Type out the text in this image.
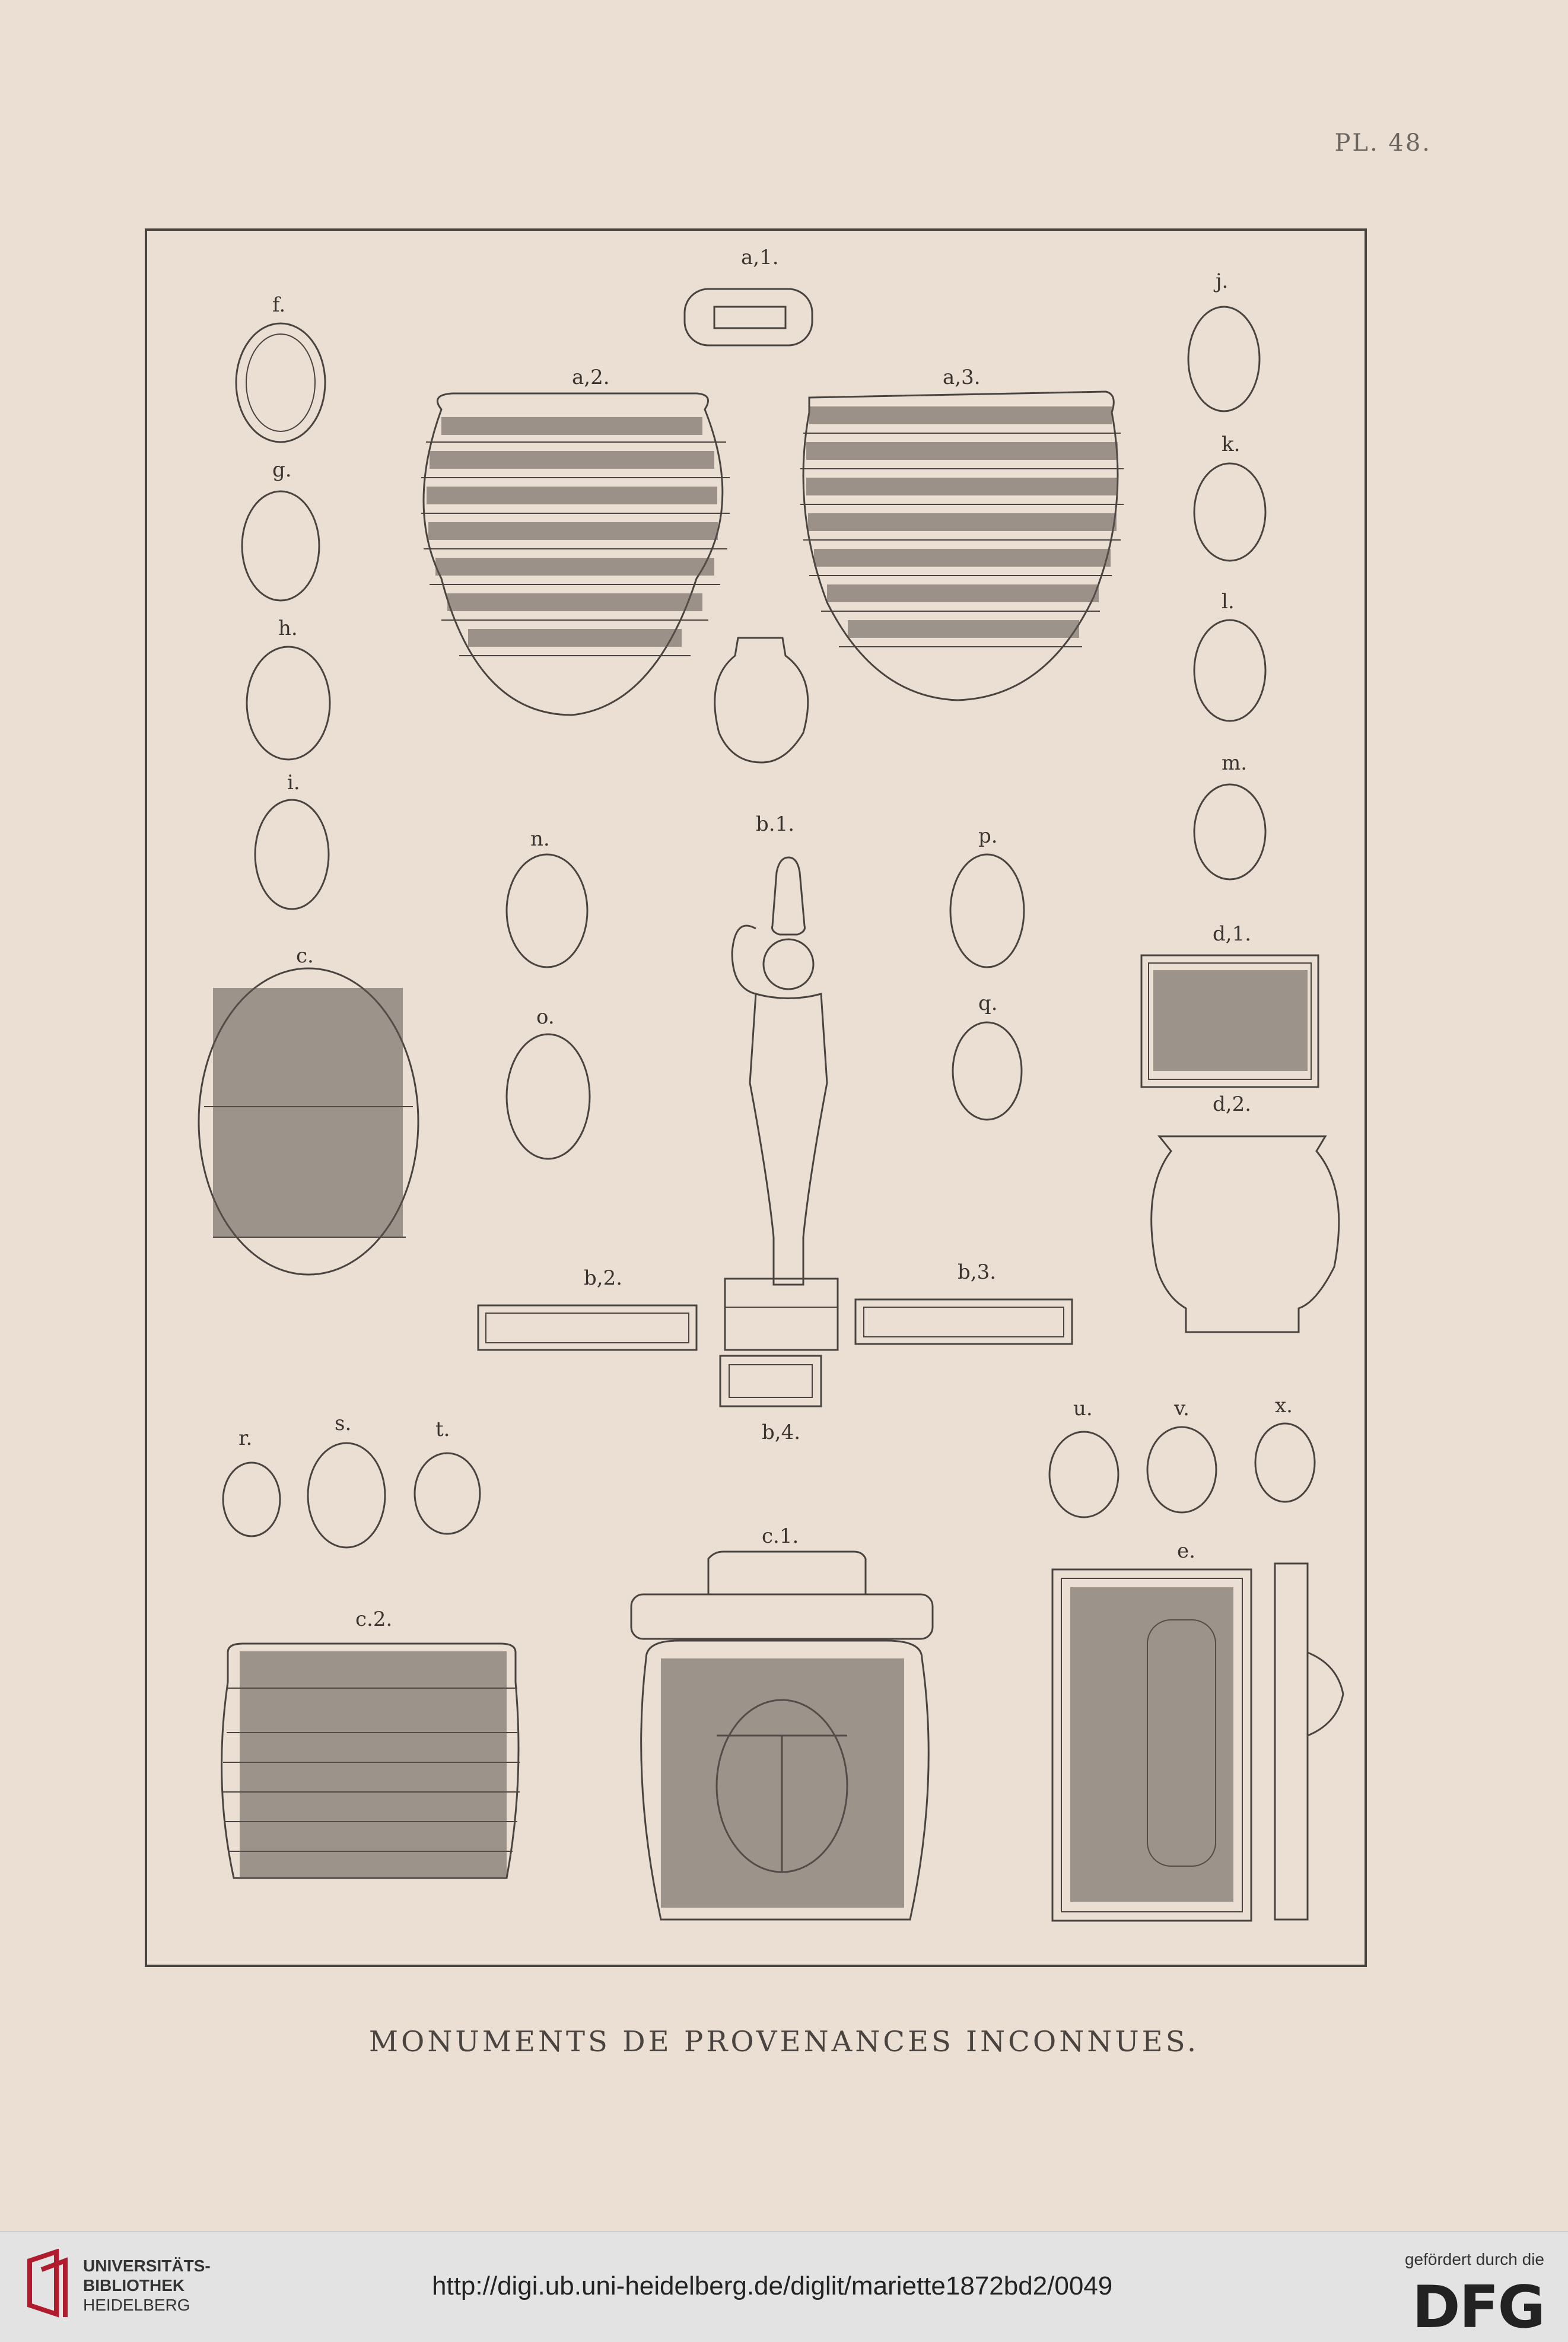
PL. 48.
a,1.
a,2.	a,3.
f.
g.
h.
i.
c.
j.
k.
l.
m.
b.1.
n.
o.
p.
q.
d,1.
d,2.
b,2.	b,3.
b,4.
r.
s.	t.
u.	v.	x.
c.1.
c.2.
e.
MONUMENTS DE PROVENANCES INCONNUES.
UNIVERSITÄTS-
BIBLIOTHEK
HEIDELBERG
http://digi.ub.uni-heidelberg.de/diglit/mariette1872bd2/0049
gefördert durch die
DFG
